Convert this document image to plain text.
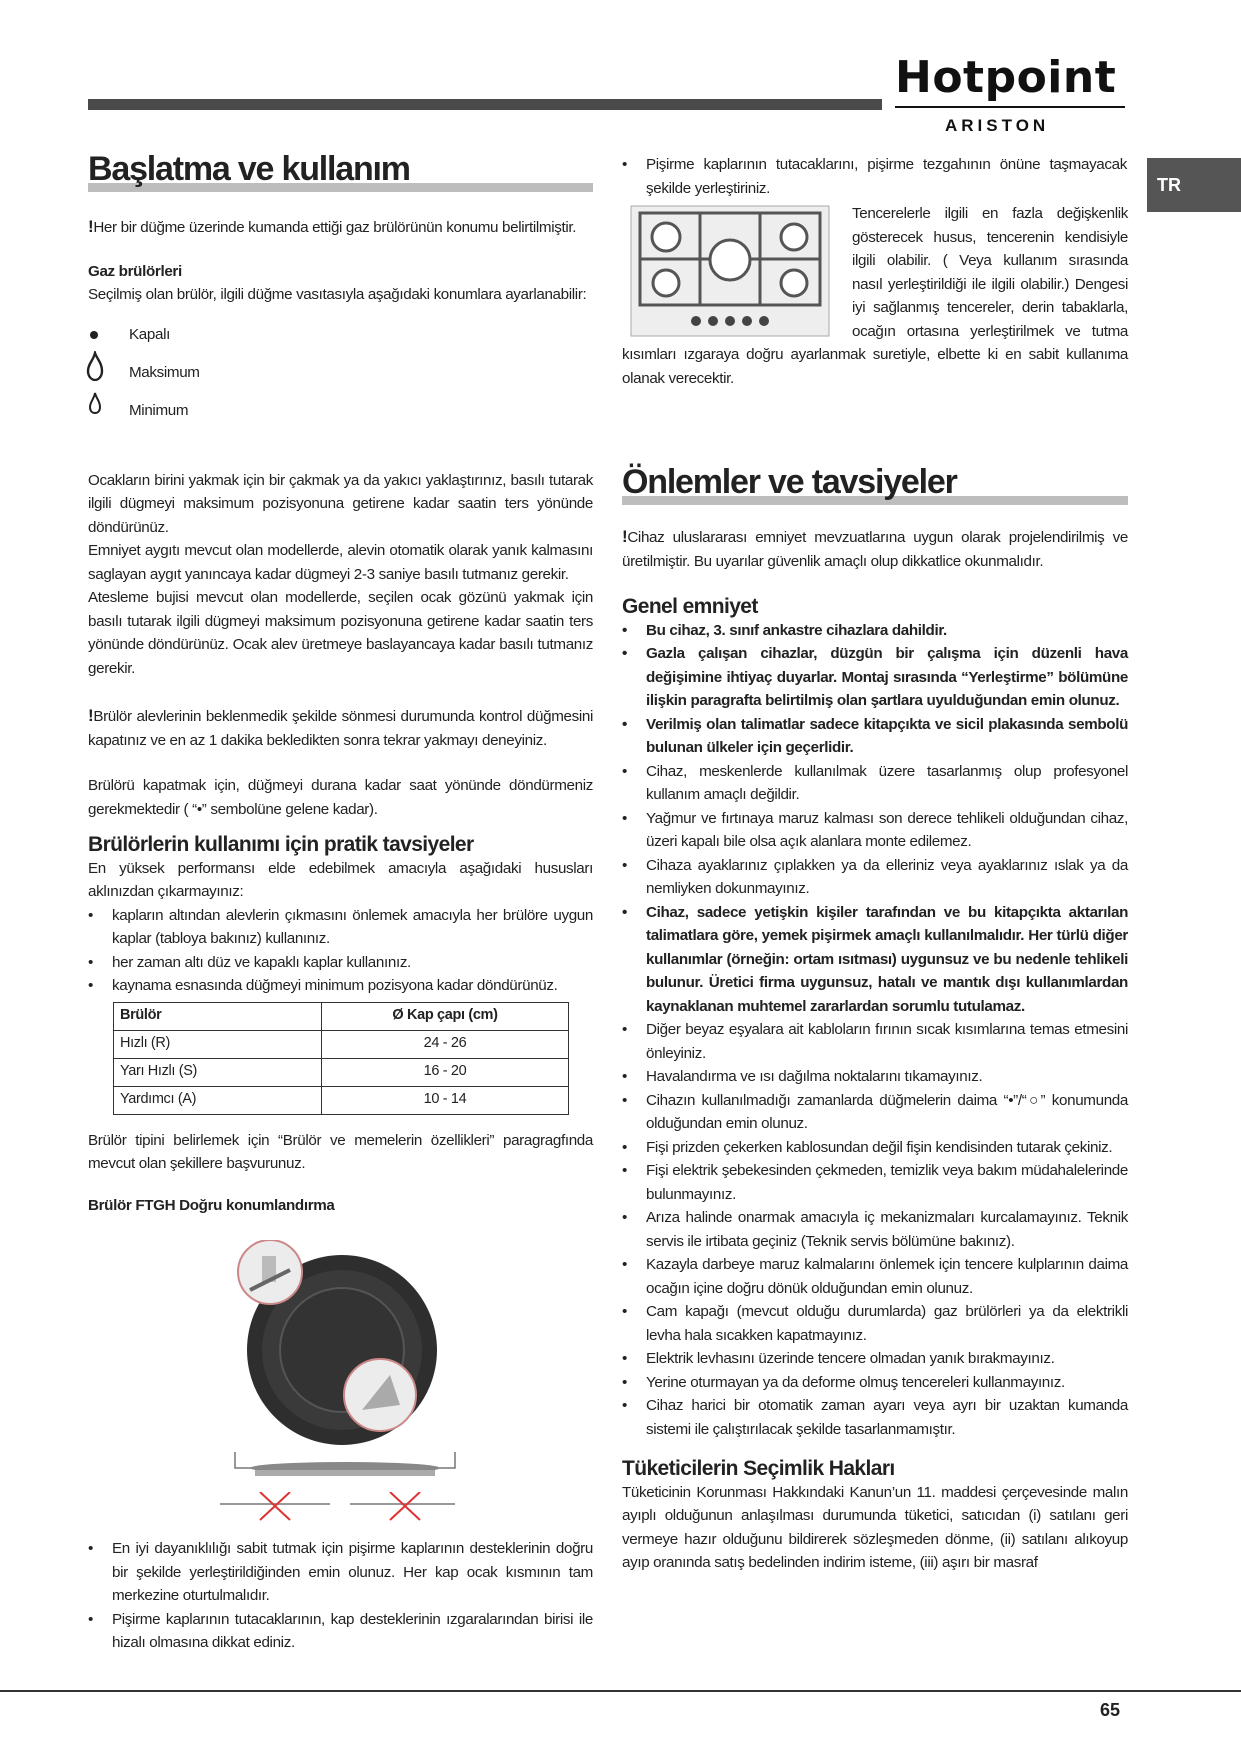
Hotpoint
ARISTON
TR
Başlatma ve kullanım
!Her bir düğme üzerinde kumanda ettiği gaz brülörünün konumu belirtilmiştir.
Gaz brülörleri
Seçilmiş olan brülör, ilgili düğme vasıtasıyla aşağıdaki konumlara ayarlanabilir:
Kapalı
Maksimum
Minimum
Ocakların birini yakmak için bir çakmak ya da yakıcı yaklaştırınız, basılı tutarak ilgili dügmeyi maksimum pozisyonuna getirene kadar saatin ters yönünde döndürünüz.
Emniyet aygıtı mevcut olan modellerde, alevin otomatik olarak yanık kalmasını saglayan aygıt yanıncaya kadar dügmeyi 2-3 saniye basılı tutmanız gerekir.
Atesleme bujisi mevcut olan modellerde, seçilen ocak gözünü yakmak için basılı tutarak ilgili dügmeyi maksimum pozisyonuna getirene kadar saatin ters yönünde döndürünüz. Ocak alev üretmeye baslayancaya kadar basılı tutmanız gerekir.
!Brülör alevlerinin beklenmedik şekilde sönmesi durumunda kontrol düğmesini kapatınız ve en az 1 dakika bekledikten sonra tekrar yakmayı deneyiniz.
Brülörü kapatmak için, düğmeyi durana kadar saat yönünde döndürmeniz gerekmektedir ( “•” sembolüne gelene kadar).
Brülörlerin kullanımı için pratik tavsiyeler
En yüksek performansı elde edebilmek amacıyla aşağıdaki hususları aklınızdan çıkarmayınız:
• kapların altından alevlerin çıkmasını önlemek amacıyla her brülöre uygun kaplar (tabloya bakınız) kullanınız.
• her zaman altı düz ve kapaklı kaplar kullanınız.
• kaynama esnasında düğmeyi minimum pozisyona kadar döndürünüz.
Brülör	Ø Kap çapı (cm)
Hızlı (R)	24 - 26
Yarı Hızlı (S)	16 - 20
Yardımcı (A)	10 - 14
Brülör tipini belirlemek için “Brülör ve memelerin özellikleri” paragragfında mevcut olan şekillere başvurunuz.
Brülör FTGH Doğru konumlandırma
• En iyi dayanıklılığı sabit tutmak için pişirme kaplarının desteklerinin doğru bir şekilde yerleştirildiğinden emin olunuz. Her kap ocak kısmının tam merkezine oturtulmalıdır.
• Pişirme kaplarının tutacaklarının, kap desteklerinin ızgaralarından birisi ile hizalı olmasına dikkat ediniz.
• Pişirme kaplarının tutacaklarını, pişirme tezgahının önüne taşmayacak şekilde yerleştiriniz.
Tencerelerle ilgili en fazla değişkenlik
gösterecek husus, tencerenin kendisiyle
ilgili olabilir. ( Veya kullanım sırasında
nasıl yerleştirildiği ile ilgili olabilir.) Dengesi
iyi sağlanmış tencereler, derin tabaklarla,
ocağın ortasına yerleştirilmek ve tutma
kısımları ızgaraya doğru ayarlanmak suretiyle, elbette ki en sabit kullanıma olanak verecektir.
Önlemler ve tavsiyeler
!Cihaz uluslararası emniyet mevzuatlarına uygun olarak projelendirilmiş ve üretilmiştir. Bu uyarılar güvenlik amaçlı olup dikkatlice okunmalıdır.
Genel emniyet
• Bu cihaz, 3. sınıf ankastre cihazlara dahildir.
• Gazla çalışan cihazlar, düzgün bir çalışma için düzenli hava değişimine ihtiyaç duyarlar. Montaj sırasında “Yerleştirme” bölümüne ilişkin paragrafta belirtilmiş olan şartlara uyulduğundan emin olunuz.
• Verilmiş olan talimatlar sadece kitapçıkta ve sicil plakasında sembolü bulunan ülkeler için geçerlidir.
• Cihaz, meskenlerde kullanılmak üzere tasarlanmış olup profesyonel kullanım amaçlı değildir.
• Yağmur ve fırtınaya maruz kalması son derece tehlikeli olduğundan cihaz, üzeri kapalı bile olsa açık alanlara monte edilemez.
• Cihaza ayaklarınız çıplakken ya da elleriniz veya ayaklarınız ıslak ya da nemliyken dokunmayınız.
• Cihaz, sadece yetişkin kişiler tarafından ve bu kitapçıkta aktarılan talimatlara göre, yemek pişirmek amaçlı kullanılmalıdır. Her türlü diğer kullanımlar (örneğin: ortam ısıtması) uygunsuz ve bu nedenle tehlikeli bulunur. Üretici firma uygunsuz, hatalı ve mantık dışı kullanımlardan kaynaklanan muhtemel zararlardan sorumlu tutulamaz.
• Diğer beyaz eşyalara ait kabloların fırının sıcak kısımlarına temas etmesini önleyiniz.
• Havalandırma ve ısı dağılma noktalarını tıkamayınız.
• Cihazın kullanılmadığı zamanlarda düğmelerin daima “•”/“○” konumunda olduğundan emin olunuz.
• Fişi prizden çekerken kablosundan değil fişin kendisinden tutarak çekiniz.
• Fişi elektrik şebekesinden çekmeden, temizlik veya bakım müdahalelerinde bulunmayınız.
• Arıza halinde onarmak amacıyla iç mekanizmaları kurcalamayınız. Teknik servis ile irtibata geçiniz (Teknik servis bölümüne bakınız).
• Kazayla darbeye maruz kalmalarını önlemek için tencere kulplarının daima ocağın içine doğru dönük olduğundan emin olunuz.
• Cam kapağı (mevcut olduğu durumlarda) gaz brülörleri ya da elektrikli levha hala sıcakken kapatmayınız.
• Elektrik levhasını üzerinde tencere olmadan yanık bırakmayınız.
• Yerine oturmayan ya da deforme olmuş tencereleri kullanmayınız.
• Cihaz harici bir otomatik zaman ayarı veya ayrı bir uzaktan kumanda sistemi ile çalıştırılacak şekilde tasarlanmamıştır.
Tüketicilerin Seçimlik Hakları
Tüketicinin Korunması Hakkındaki Kanun’un 11. maddesi çerçevesinde malın ayıplı olduğunun anlaşılması durumunda tüketici, satıcıdan (i) satılanı geri vermeye hazır olduğunu bildirerek sözleşmeden dönme, (ii) satılanı alıkoyup ayıp oranında satış bedelinden indirim isteme, (iii) aşırı bir masraf
65
